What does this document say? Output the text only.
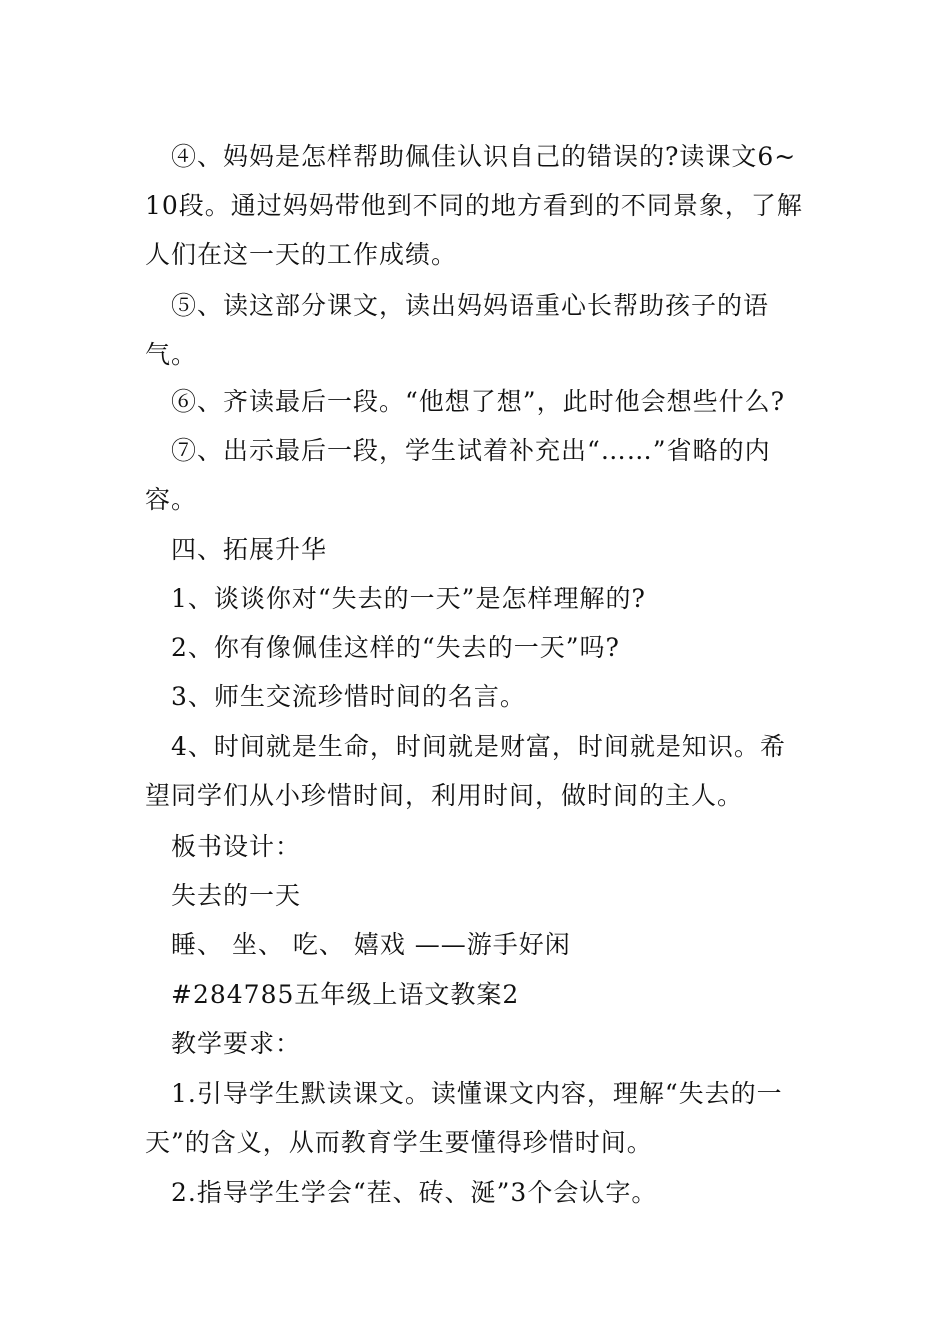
④、妈妈是怎样帮助佩佳认识自己的错误的?读课文6~10段。通过妈妈带他到不同的地方看到的不同景象，了解人们在这一天的工作成绩。

⑤、读这部分课文，读出妈妈语重心长帮助孩子的语气。

⑥、齐读最后一段。“他想了想”，此时他会想些什么?

⑦、出示最后一段，学生试着补充出“……”省略的内容。

四、拓展升华

1、谈谈你对“失去的一天”是怎样理解的?

2、你有像佩佳这样的“失去的一天”吗?

3、师生交流珍惜时间的名言。

4、时间就是生命，时间就是财富，时间就是知识。希望同学们从小珍惜时间，利用时间，做时间的主人。

板书设计：

失去的一天

睡、 坐、 吃、 嬉戏 ——游手好闲

#284785五年级上语文教案2

教学要求：

1.引导学生默读课文。读懂课文内容，理解“失去的一天”的含义，从而教育学生要懂得珍惜时间。

2.指导学生学会“茬、砖、涎”3个会认字。
